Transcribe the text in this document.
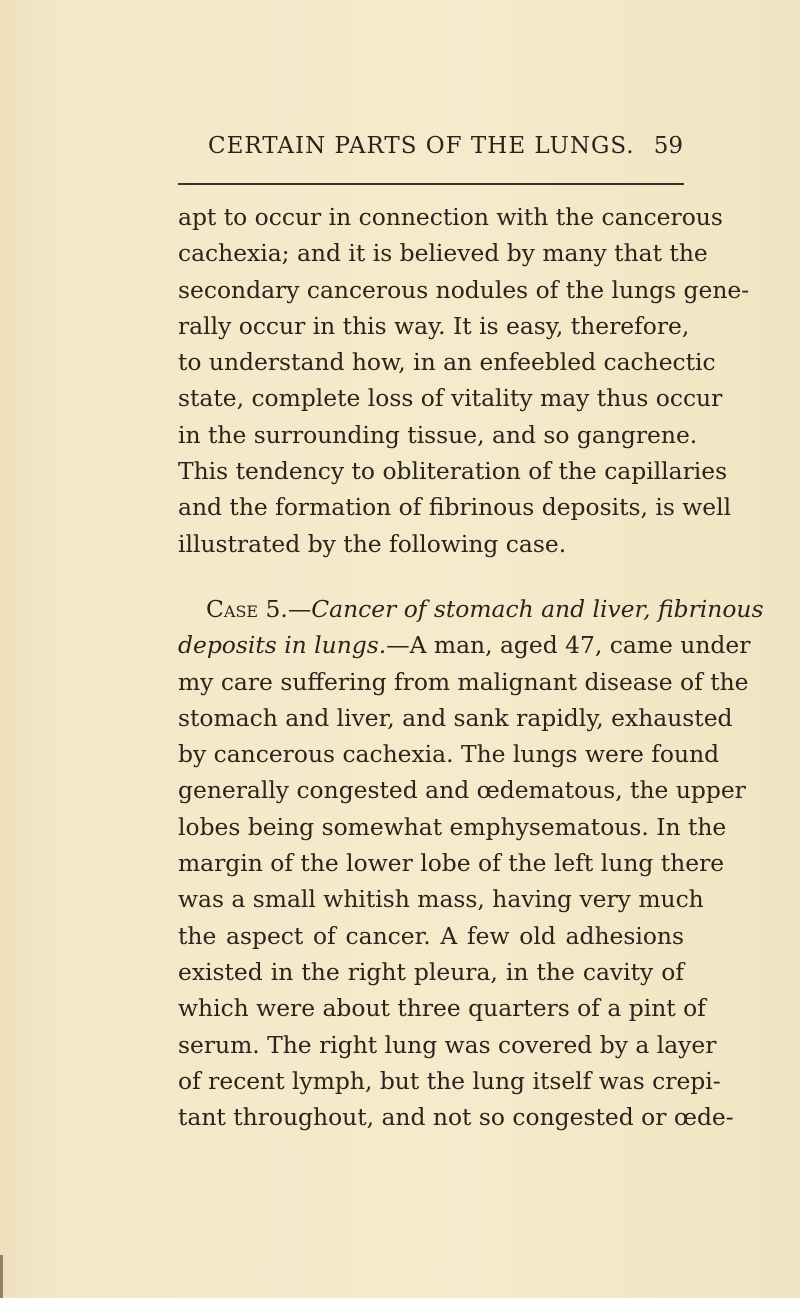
CERTAIN PARTS OF THE LUNGS. 59
apt to occur in connection with the cancerous
cachexia; and it is believed by many that the
secondary cancerous nodules of the lungs gene-
rally occur in this way. It is easy, therefore,
to understand how, in an enfeebled cachectic
state, complete loss of vitality may thus occur
in the surrounding tissue, and so gangrene.
This tendency to obliteration of the capillaries
and the formation of fibrinous deposits, is well
illustrated by the following case.
Case 5.—Cancer of stomach and liver, fibrinous
deposits in lungs.—A man, aged 47, came under
my care suffering from malignant disease of the
stomach and liver, and sank rapidly, exhausted
by cancerous cachexia. The lungs were found
generally congested and œdematous, the upper
lobes being somewhat emphysematous. In the
margin of the lower lobe of the left lung there
was a small whitish mass, having very much
the aspect of cancer. A few old adhesions
existed in the right pleura, in the cavity of
which were about three quarters of a pint of
serum. The right lung was covered by a layer
of recent lymph, but the lung itself was crepi-
tant throughout, and not so congested or œde-
